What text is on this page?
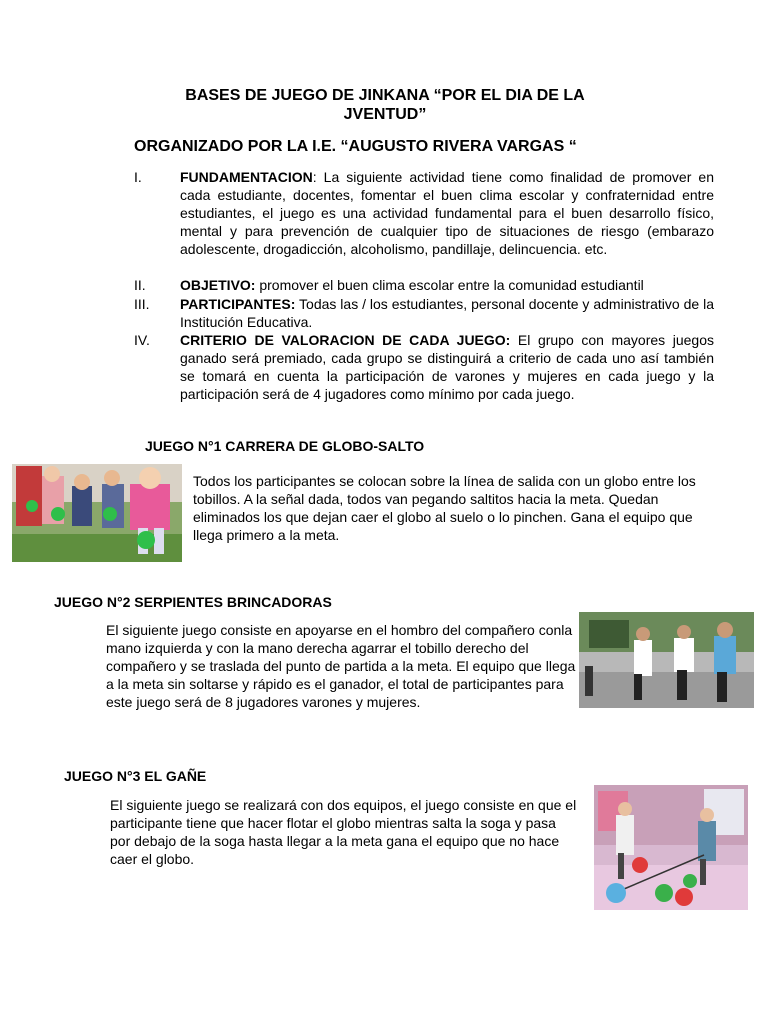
BASES DE JUEGO DE JINKANA “POR EL DIA DE LA JVENTUD”
ORGANIZADO POR LA I.E. “AUGUSTO RIVERA VARGAS “
I.	FUNDAMENTACION: La siguiente actividad tiene como finalidad de promover en cada estudiante, docentes, fomentar el buen clima escolar y confraternidad entre estudiantes, el juego es una actividad fundamental para el buen desarrollo físico, mental y para prevención de cualquier tipo de situaciones de riesgo (embarazo adolescente, drogadicción, alcoholismo, pandillaje, delincuencia. etc.
II. OBJETIVO: promover el buen clima escolar entre la comunidad estudiantil
III. PARTICIPANTES: Todas las / los estudiantes, personal docente y administrativo de la Institución Educativa.
IV. CRITERIO DE VALORACION DE CADA JUEGO: El grupo con mayores juegos ganado será premiado, cada grupo se distinguirá a criterio de cada uno así también se tomará en cuenta la participación de varones y mujeres en cada juego y la participación será de 4 jugadores como mínimo por cada juego.
JUEGO N°1 CARRERA DE GLOBO-SALTO
Todos los participantes se colocan sobre la línea de salida con un globo entre los tobillos. A la señal dada, todos van pegando saltitos hacia la meta. Quedan eliminados los que dejan caer el globo al suelo o lo pinchen. Gana el equipo que llega primero a la meta.
JUEGO N°2 SERPIENTES BRINCADORAS
El siguiente juego consiste en apoyarse en el hombro del compañero conla mano izquierda y con la mano derecha agarrar el tobillo derecho del compañero y se traslada del punto de partida a la meta. El equipo que llega a la meta sin soltarse y rápido es el ganador, el total de participantes para este juego será de 8 jugadores varones y mujeres.
JUEGO N°3 EL GAÑE
El siguiente juego se realizará con dos equipos, el juego consiste en que el participante tiene que hacer flotar el globo mientras salta la soga y pasa por debajo de la soga hasta llegar a la meta gana el equipo que no hace caer el globo.
